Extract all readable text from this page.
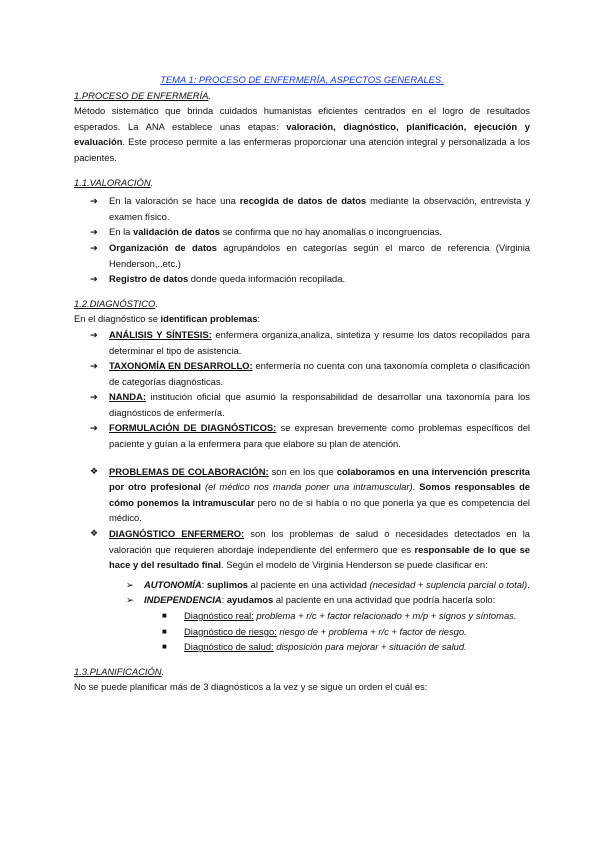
TEMA 1: PROCESO DE ENFERMERÍA, ASPECTOS GENERALES.

1.PROCESO DE ENFERMERÍA.

Método sistemático que brinda cuidados humanistas eficientes centrados en el logro de resultados esperados. La ANA establece unas etapas: valoración, diagnóstico, planificación, ejecución y evaluación. Este proceso permite a las enfermeras proporcionar una atención integral y personalizada a los pacientes.

1.1.VALORACIÓN.

➔ En la valoración se hace una recogida de datos de datos mediante la observación, entrevista y examen físico.
➔ En la validación de datos se confirma que no hay anomalías o incongruencias.
➔ Organización de datos agrupándolos en categorías según el marco de referencia (Virginia Henderson,..etc.)
➔ Registro de datos donde queda información recopilada.

1.2.DIAGNÓSTICO.

En el diagnóstico se identifican problemas:

➔ ANÁLISIS Y SÍNTESIS: enfermera organiza,analiza, sintetiza y resume los datos recopilados para determinar el tipo de asistencia.
➔ TAXONOMÍA EN DESARROLLO: enfermería no cuenta con una taxonomía completa o clasificación de categorías diagnósticas.
➔ NANDA: institución oficial que asumió la responsabilidad de desarrollar una taxonomía para los diagnósticos de enfermería.
➔ FORMULACIÓN DE DIAGNÓSTICOS: se expresan brevemente como problemas específicos del paciente y guían a la enfermera para que elabore su plan de atención.
❖ PROBLEMAS DE COLABORACIÓN: son en los que colaboramos en una intervención prescrita por otro profesional (el médico nos manda poner una intramuscular). Somos responsables de cómo ponemos la intramuscular pero no de si había o no que ponerla ya que es competencia del médico.
❖ DIAGNÓSTICO ENFERMERO: son los problemas de salud o necesidades detectados en la valoración que requieren abordaje independiente del enfermero que es responsable de lo que se hace y del resultado final. Según el modelo de Virginia Henderson se puede clasificar en:
➢ AUTONOMÍA: suplimos al paciente en una actividad (necesidad + suplencia parcial o total).
➢ INDEPENDENCIA: ayudamos al paciente en una actividad que podría hacerla solo:
■ Diagnóstico real: problema + r/c + factor relacionado + m/p + signos y síntomas.
■ Diagnóstico de riesgo: riesgo de + problema + r/c + factor de riesgo.
■ Diagnóstico de salud: disposición para mejorar + situación de salud.

1.3.PLANIFICACIÓN.

No se puede planificar más de 3 diagnósticos a la vez y se sigue un orden el cuál es:
